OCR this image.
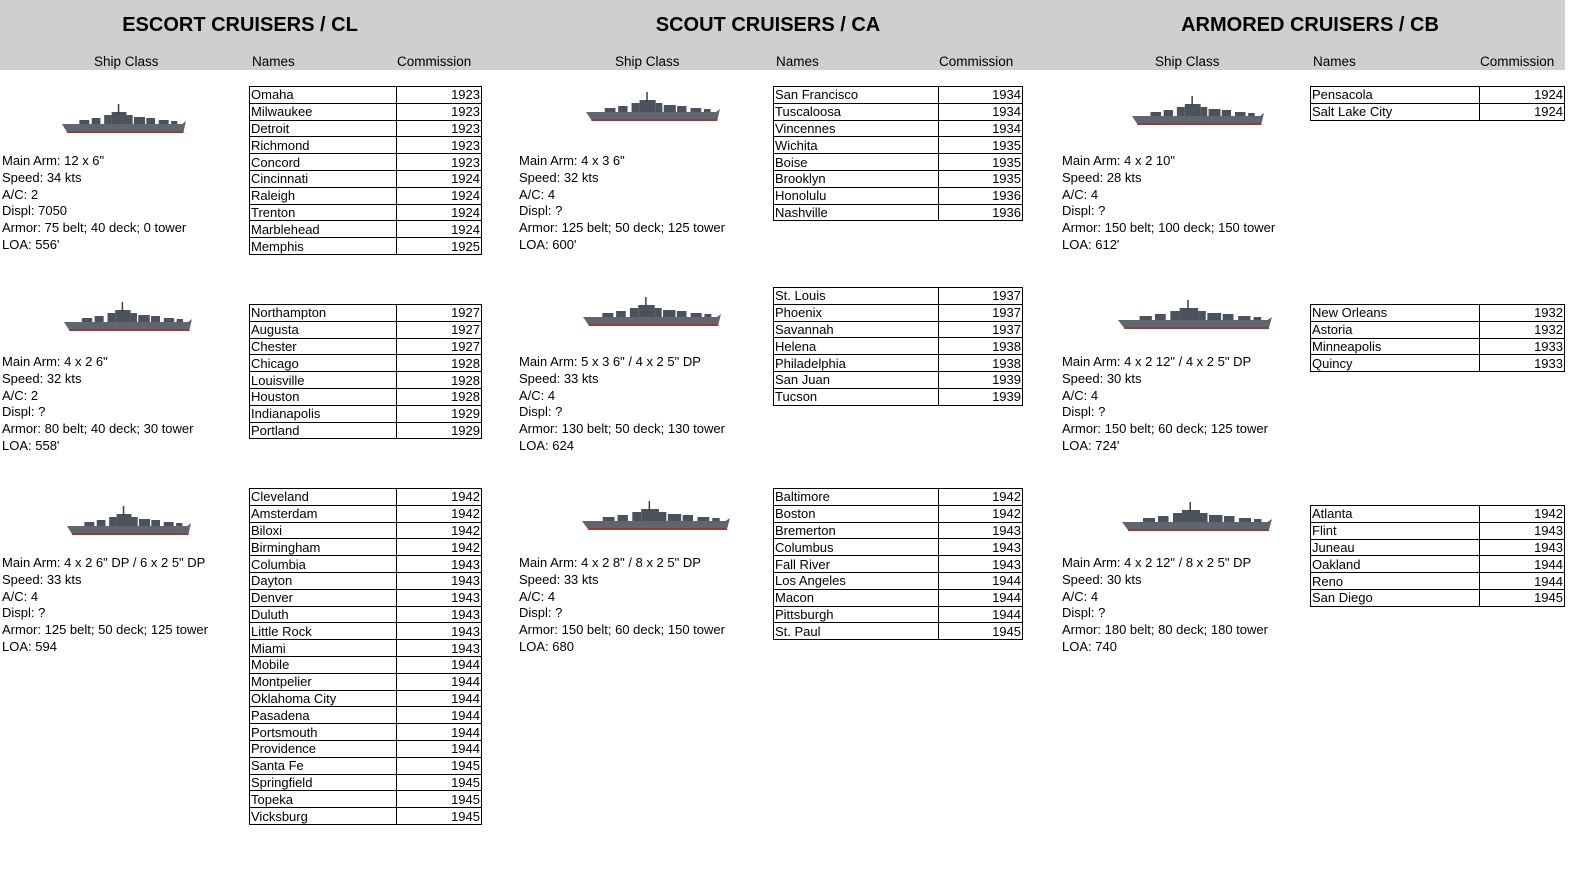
ESCORT CRUISERS / CL	SCOUT CRUISERS / CA	ARMORED CRUISERS / CB
Ship Class	Names	Commission	Ship Class	Names	Commission	Ship Class	Names	Commission
Main Arm: 12 x 6"
Speed: 34 kts
A/C: 2
Displ: 7050
Armor: 75 belt; 40 deck; 0 tower
LOA: 556'
Main Arm: 4 x 2 6"
Speed: 32 kts
A/C: 2
Displ: ?
Armor: 80 belt; 40 deck; 30 tower
LOA: 558'
Main Arm: 4 x 2 6" DP / 6 x 2 5" DP
Speed: 33 kts
A/C: 4
Displ: ?
Armor: 125 belt; 50 deck; 125 tower
LOA: 594
Main Arm: 4 x 3 6"
Speed: 32 kts
A/C: 4
Displ: ?
Armor: 125 belt; 50 deck; 125 tower
LOA: 600'
Main Arm: 5 x 3 6" / 4 x 2 5" DP
Speed: 33 kts
A/C: 4
Displ: ?
Armor: 130 belt; 50 deck; 130 tower
LOA: 624
Main Arm: 4 x 2 8" / 8 x 2 5" DP
Speed: 33 kts
A/C: 4
Displ: ?
Armor: 150 belt; 60 deck; 150 tower
LOA: 680
Main Arm: 4 x 2 10"
Speed: 28 kts
A/C: 4
Displ: ?
Armor: 150 belt; 100 deck; 150 tower
LOA: 612'
Main Arm: 4 x 2 12" / 4 x 2 5" DP
Speed: 30 kts
A/C: 4
Displ: ?
Armor: 150 belt; 60 deck; 125 tower
LOA: 724'
Main Arm: 4 x 2 12" / 8 x 2 5" DP
Speed: 30 kts
A/C: 4
Displ: ?
Armor: 180 belt; 80 deck; 180 tower
LOA: 740
Omaha	1923
Milwaukee	1923
Detroit	1923
Richmond	1923
Concord	1923
Cincinnati	1924
Raleigh	1924
Trenton	1924
Marblehead	1924
Memphis	1925
Northampton	1927
Augusta	1927
Chester	1927
Chicago	1928
Louisville	1928
Houston	1928
Indianapolis	1929
Portland	1929
Cleveland	1942
Amsterdam	1942
Biloxi	1942
Birmingham	1942
Columbia	1943
Dayton	1943
Denver	1943
Duluth	1943
Little Rock	1943
Miami	1943
Mobile	1944
Montpelier	1944
Oklahoma City	1944
Pasadena	1944
Portsmouth	1944
Providence	1944
Santa Fe	1945
Springfield	1945
Topeka	1945
Vicksburg	1945
San Francisco	1934
Tuscaloosa	1934
Vincennes	1934
Wichita	1935
Boise	1935
Brooklyn	1935
Honolulu	1936
Nashville	1936
St. Louis	1937
Phoenix	1937
Savannah	1937
Helena	1938
Philadelphia	1938
San Juan	1939
Tucson	1939
Baltimore	1942
Boston	1942
Bremerton	1943
Columbus	1943
Fall River	1943
Los Angeles	1944
Macon	1944
Pittsburgh	1944
St. Paul	1945
Pensacola	1924
Salt Lake City	1924
New Orleans	1932
Astoria	1932
Minneapolis	1933
Quincy	1933
Atlanta	1942
Flint	1943
Juneau	1943
Oakland	1944
Reno	1944
San Diego	1945
